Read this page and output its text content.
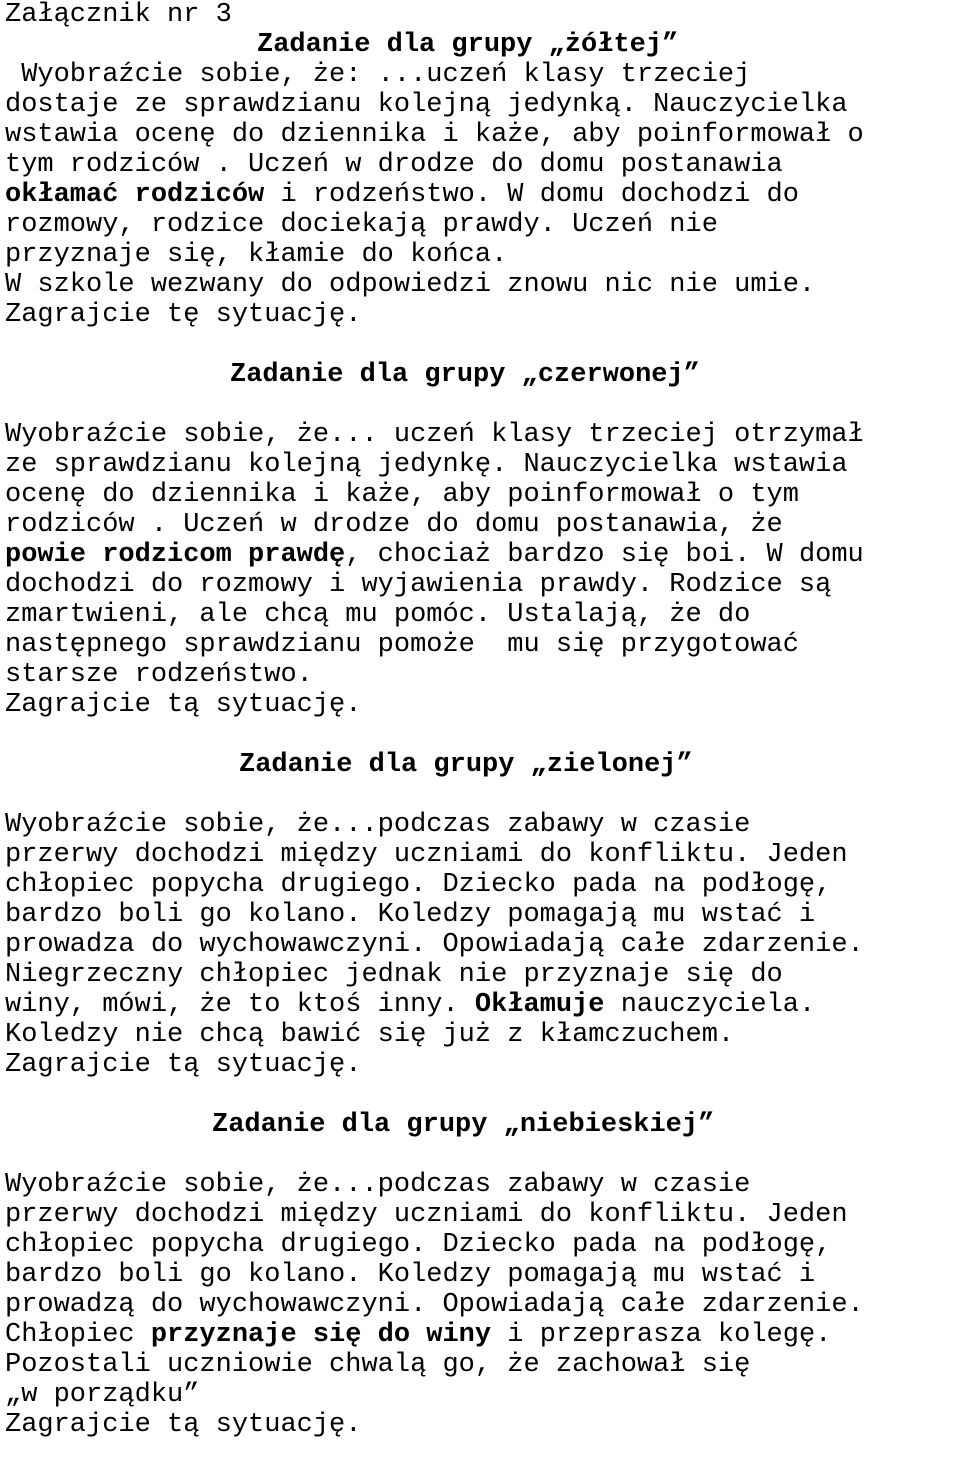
Załącznik nr 3
Zadanie dla grupy „żółtej”
Wyobraźcie sobie, że: ...uczeń klasy trzeciej
dostaje ze sprawdzianu kolejną jedynką. Nauczycielka
wstawia ocenę do dziennika i każe, aby poinformował o
tym rodziców . Uczeń w drodze do domu postanawia
okłamać rodziców i rodzeństwo. W domu dochodzi do
rozmowy, rodzice dociekają prawdy. Uczeń nie
przyznaje się, kłamie do końca.
W szkole wezwany do odpowiedzi znowu nic nie umie.
Zagrajcie tę sytuację.
Zadanie dla grupy „czerwonej”
Wyobraźcie sobie, że... uczeń klasy trzeciej otrzymał
ze sprawdzianu kolejną jedynkę. Nauczycielka wstawia
ocenę do dziennika i każe, aby poinformował o tym
rodziców . Uczeń w drodze do domu postanawia, że
powie rodzicom prawdę, chociaż bardzo się boi. W domu
dochodzi do rozmowy i wyjawienia prawdy. Rodzice są
zmartwieni, ale chcą mu pomóc. Ustalają, że do
następnego sprawdzianu pomoże  mu się przygotować
starsze rodzeństwo.
Zagrajcie tą sytuację.
Zadanie dla grupy „zielonej”
Wyobraźcie sobie, że...podczas zabawy w czasie
przerwy dochodzi między uczniami do konfliktu. Jeden
chłopiec popycha drugiego. Dziecko pada na podłogę,
bardzo boli go kolano. Koledzy pomagają mu wstać i
prowadza do wychowawczyni. Opowiadają całe zdarzenie.
Niegrzeczny chłopiec jednak nie przyznaje się do
winy, mówi, że to ktoś inny. Okłamuje nauczyciela.
Koledzy nie chcą bawić się już z kłamczuchem.
Zagrajcie tą sytuację.
Zadanie dla grupy „niebieskiej”
Wyobraźcie sobie, że...podczas zabawy w czasie
przerwy dochodzi między uczniami do konfliktu. Jeden
chłopiec popycha drugiego. Dziecko pada na podłogę,
bardzo boli go kolano. Koledzy pomagają mu wstać i
prowadzą do wychowawczyni. Opowiadają całe zdarzenie.
Chłopiec przyznaje się do winy i przeprasza kolegę.
Pozostali uczniowie chwalą go, że zachował się
„w porządku”
Zagrajcie tą sytuację.
